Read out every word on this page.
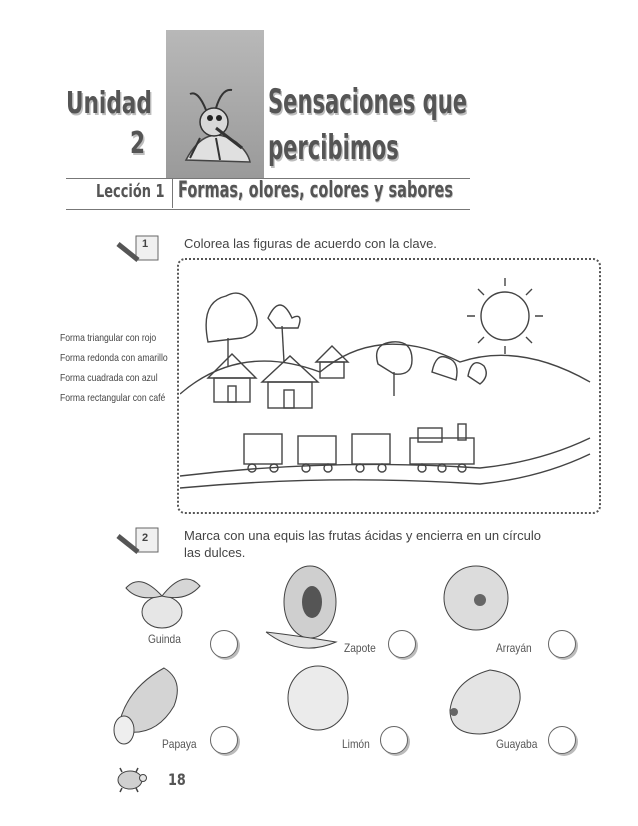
Unidad
2
Sensaciones que
percibimos
Lección 1 Formas, olores, colores y sabores
1	Colorea las figuras de acuerdo con la clave.
Forma triangular con rojo
Forma redonda con amarillo
Forma cuadrada con azul
Forma rectangular con café
2	Marca con una equis las frutas ácidas y encierra en un círculo
las dulces.
Guinda
Zapote	Arrayán
Papaya	Limón	Guayaba
18
